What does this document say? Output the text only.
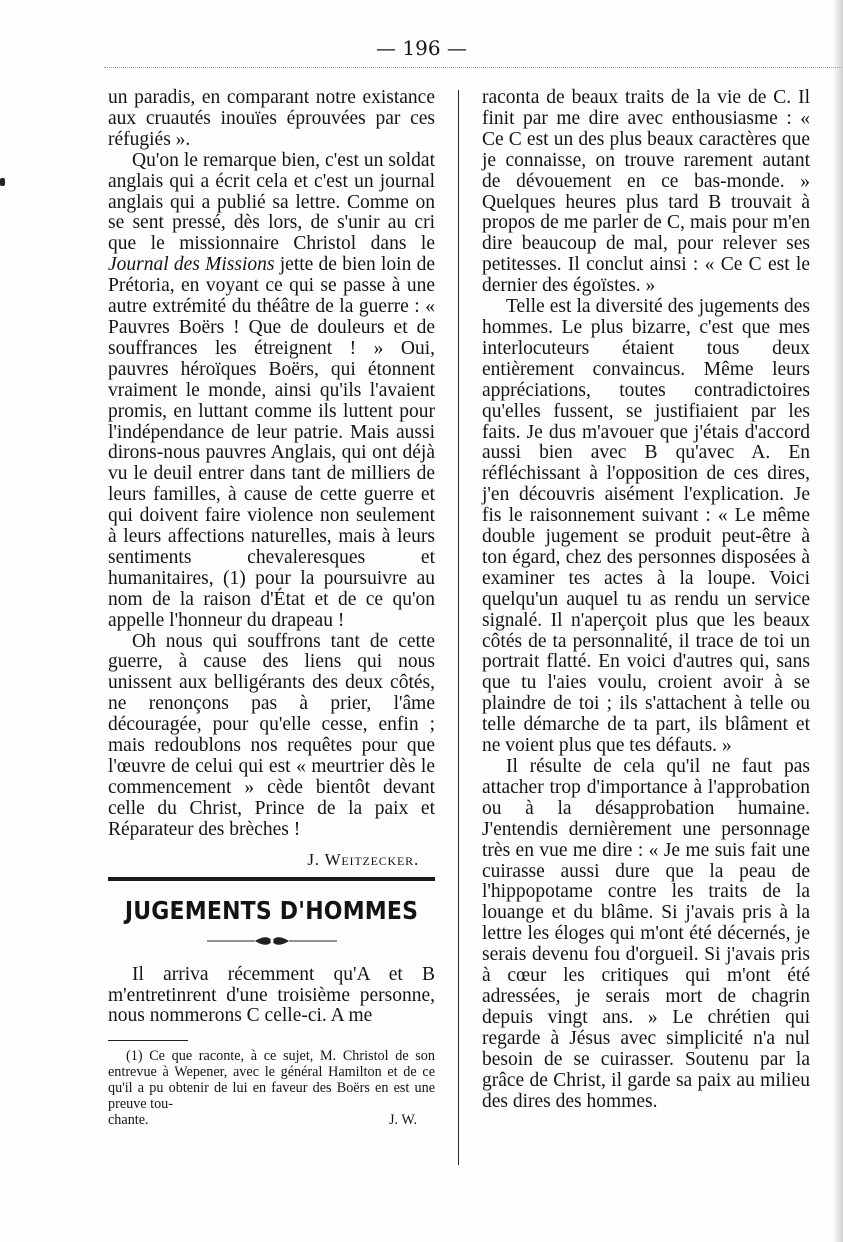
— 196 —

un paradis, en comparant notre existance aux cruautés inouïes éprouvées par ces réfugiés ».

Qu'on le remarque bien, c'est un soldat anglais qui a écrit cela et c'est un journal anglais qui a publié sa lettre. Comme on se sent pressé, dès lors, de s'unir au cri que le missionnaire Christol dans le Journal des Missions jette de bien loin de Prétoria, en voyant ce qui se passe à une autre extrémité du théâtre de la guerre : « Pauvres Boërs ! Que de douleurs et de souffrances les étreignent ! » Oui, pauvres héroïques Boërs, qui étonnent vraiment le monde, ainsi qu'ils l'avaient promis, en luttant comme ils luttent pour l'indépendance de leur patrie. Mais aussi dirons-nous pauvres Anglais, qui ont déjà vu le deuil entrer dans tant de milliers de leurs familles, à cause de cette guerre et qui doivent faire violence non seulement à leurs affections naturelles, mais à leurs sentiments chevaleresques et humanitaires, (1) pour la poursuivre au nom de la raison d'État et de ce qu'on appelle l'honneur du drapeau !

Oh nous qui souffrons tant de cette guerre, à cause des liens qui nous unissent aux belligérants des deux côtés, ne renonçons pas à prier, l'âme découragée, pour qu'elle cesse, enfin ; mais redoublons nos requêtes pour que l'œuvre de celui qui est « meurtrier dès le commencement » cède bientôt devant celle du Christ, Prince de la paix et Réparateur des brèches !

J. Weitzecker.
JUGEMENTS D'HOMMES

Il arriva récemment qu'A et B m'entretinrent d'une troisième personne, nous nommerons C celle-ci. A me

(1) Ce que raconte, à ce sujet, M. Christol de son entrevue à Wepener, avec le général Hamilton et de ce qu'il a pu obtenir de lui en faveur des Boërs en est une preuve tou-
chante.	J. W.

raconta de beaux traits de la vie de C. Il finit par me dire avec enthousiasme : « Ce C est un des plus beaux caractères que je connaisse, on trouve rarement autant de dévouement en ce bas-monde. » Quelques heures plus tard B trouvait à propos de me parler de C, mais pour m'en dire beaucoup de mal, pour relever ses petitesses. Il conclut ainsi : « Ce C est le dernier des égoïstes. »

Telle est la diversité des jugements des hommes. Le plus bizarre, c'est que mes interlocuteurs étaient tous deux entièrement convaincus. Même leurs appréciations, toutes contradictoires qu'elles fussent, se justifiaient par les faits. Je dus m'avouer que j'étais d'accord aussi bien avec B qu'avec A. En réfléchissant à l'opposition de ces dires, j'en découvris aisément l'explication. Je fis le raisonnement suivant : « Le même double jugement se produit peut-être à ton égard, chez des personnes disposées à examiner tes actes à la loupe. Voici quelqu'un auquel tu as rendu un service signalé. Il n'aperçoit plus que les beaux côtés de ta personnalité, il trace de toi un portrait flatté. En voici d'autres qui, sans que tu l'aies voulu, croient avoir à se plaindre de toi ; ils s'attachent à telle ou telle démarche de ta part, ils blâment et ne voient plus que tes défauts. »

Il résulte de cela qu'il ne faut pas attacher trop d'importance à l'approbation ou à la désapprobation humaine. J'entendis dernièrement une personnage très en vue me dire : « Je me suis fait une cuirasse aussi dure que la peau de l'hippopotame contre les traits de la louange et du blâme. Si j'avais pris à la lettre les éloges qui m'ont été décernés, je serais devenu fou d'orgueil. Si j'avais pris à cœur les critiques qui m'ont été adressées, je serais mort de chagrin depuis vingt ans. » Le chrétien qui regarde à Jésus avec simplicité n'a nul besoin de se cuirasser. Soutenu par la grâce de Christ, il garde sa paix au milieu des dires des hommes.
